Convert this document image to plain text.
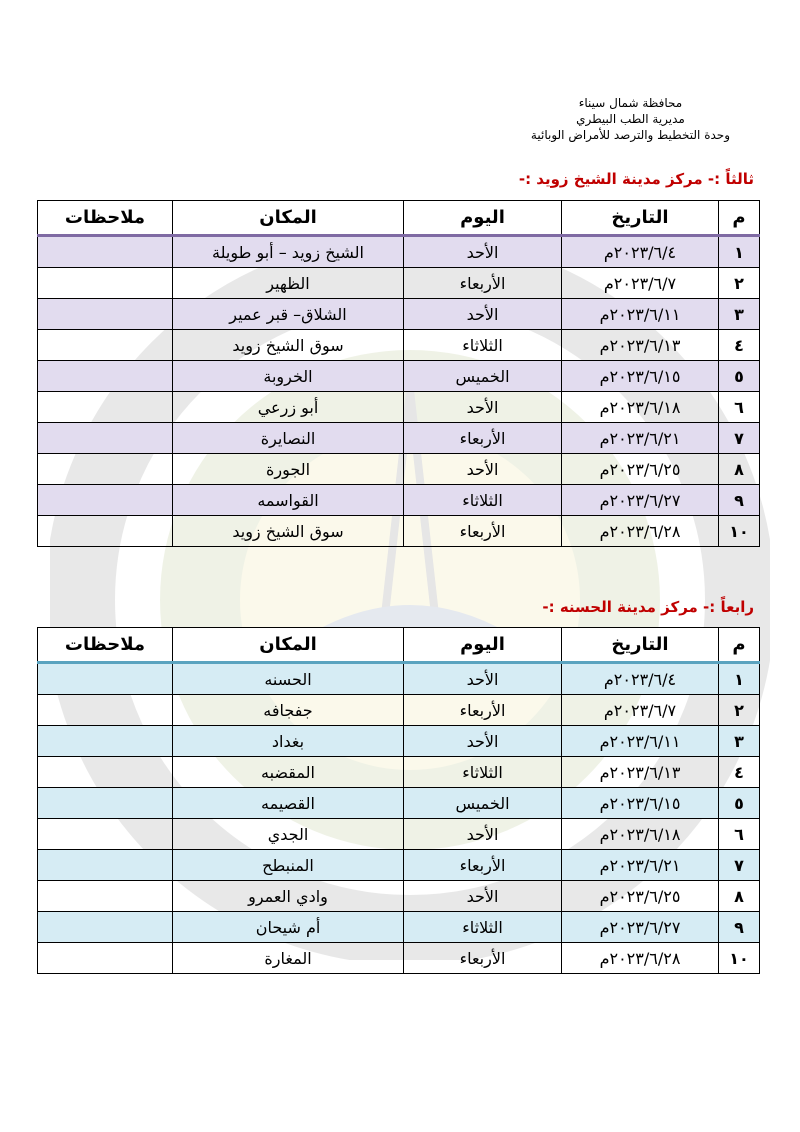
محافظة شمال سيناء
مديرية الطب البيطري
وحدة التخطيط والترصد للأمراض الوبائية
ثالثاً :- مركز مدينة الشيخ زويد :-
م	التاريخ	اليوم	المكان	ملاحظات
١	٢٠٢٣/٦/٤م	الأحد	الشيخ زويد – أبو طويلة	
٢	٢٠٢٣/٦/٧م	الأربعاء	الظهير	
٣	٢٠٢٣/٦/١١م	الأحد	الشلاق– قبر عمير	
٤	٢٠٢٣/٦/١٣م	الثلاثاء	سوق الشيخ زويد	
٥	٢٠٢٣/٦/١٥م	الخميس	الخروبة	
٦	٢٠٢٣/٦/١٨م	الأحد	أبو زرعي	
٧	٢٠٢٣/٦/٢١م	الأربعاء	النصايرة	
٨	٢٠٢٣/٦/٢٥م	الأحد	الجورة	
٩	٢٠٢٣/٦/٢٧م	الثلاثاء	القواسمه	
١٠	٢٠٢٣/٦/٢٨م	الأربعاء	سوق الشيخ زويد	
رابعاً :- مركز مدينة الحسنه :-
م	التاريخ	اليوم	المكان	ملاحظات
١	٢٠٢٣/٦/٤م	الأحد	الحسنه	
٢	٢٠٢٣/٦/٧م	الأربعاء	جفجافه	
٣	٢٠٢٣/٦/١١م	الأحد	بغداد	
٤	٢٠٢٣/٦/١٣م	الثلاثاء	المقضبه	
٥	٢٠٢٣/٦/١٥م	الخميس	القصيمه	
٦	٢٠٢٣/٦/١٨م	الأحد	الجدي	
٧	٢٠٢٣/٦/٢١م	الأربعاء	المنبطح	
٨	٢٠٢٣/٦/٢٥م	الأحد	وادي العمرو	
٩	٢٠٢٣/٦/٢٧م	الثلاثاء	أم شيحان	
١٠	٢٠٢٣/٦/٢٨م	الأربعاء	المغارة	
